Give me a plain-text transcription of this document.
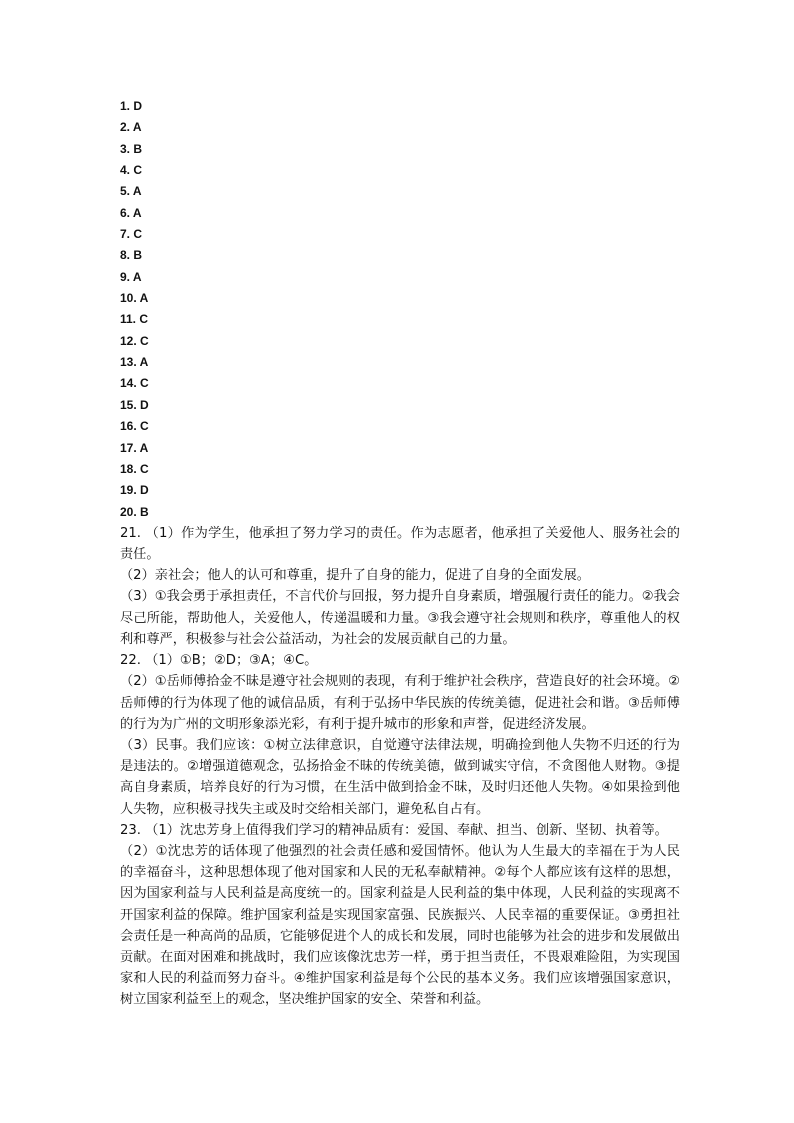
1. D
2. A
3. B
4. C
5. A
6. A
7. C
8. B
9. A
10. A
11. C
12. C
13. A
14. C
15. D
16. C
17. A
18. C
19. D
20. B

21. （1）作为学生，他承担了努力学习的责任。作为志愿者，他承担了关爱他人、服务社会的责任。

（2）亲社会；他人的认可和尊重，提升了自身的能力，促进了自身的全面发展。

（3）①我会勇于承担责任，不言代价与回报，努力提升自身素质，增强履行责任的能力。②我会尽己所能，帮助他人，关爱他人，传递温暖和力量。③我会遵守社会规则和秩序，尊重他人的权利和尊严，积极参与社会公益活动，为社会的发展贡献自己的力量。

22. （1）①B；②D；③A；④C。

（2）①岳师傅拾金不昧是遵守社会规则的表现，有利于维护社会秩序，营造良好的社会环境。②岳师傅的行为体现了他的诚信品质，有利于弘扬中华民族的传统美德，促进社会和谐。③岳师傅的行为为广州的文明形象添光彩，有利于提升城市的形象和声誉，促进经济发展。

（3）民事。我们应该：①树立法律意识，自觉遵守法律法规，明确捡到他人失物不归还的行为是违法的。②增强道德观念，弘扬拾金不昧的传统美德，做到诚实守信，不贪图他人财物。③提高自身素质，培养良好的行为习惯，在生活中做到拾金不昧，及时归还他人失物。④如果捡到他人失物，应积极寻找失主或及时交给相关部门，避免私自占有。

23. （1）沈忠芳身上值得我们学习的精神品质有：爱国、奉献、担当、创新、坚韧、执着等。

（2）①沈忠芳的话体现了他强烈的社会责任感和爱国情怀。他认为人生最大的幸福在于为人民的幸福奋斗，这种思想体现了他对国家和人民的无私奉献精神。②每个人都应该有这样的思想，因为国家利益与人民利益是高度统一的。国家利益是人民利益的集中体现，人民利益的实现离不开国家利益的保障。维护国家利益是实现国家富强、民族振兴、人民幸福的重要保证。③勇担社会责任是一种高尚的品质，它能够促进个人的成长和发展，同时也能够为社会的进步和发展做出贡献。在面对困难和挑战时，我们应该像沈忠芳一样，勇于担当责任，不畏艰难险阻，为实现国家和人民的利益而努力奋斗。④维护国家利益是每个公民的基本义务。我们应该增强国家意识，树立国家利益至上的观念，坚决维护国家的安全、荣誉和利益。
